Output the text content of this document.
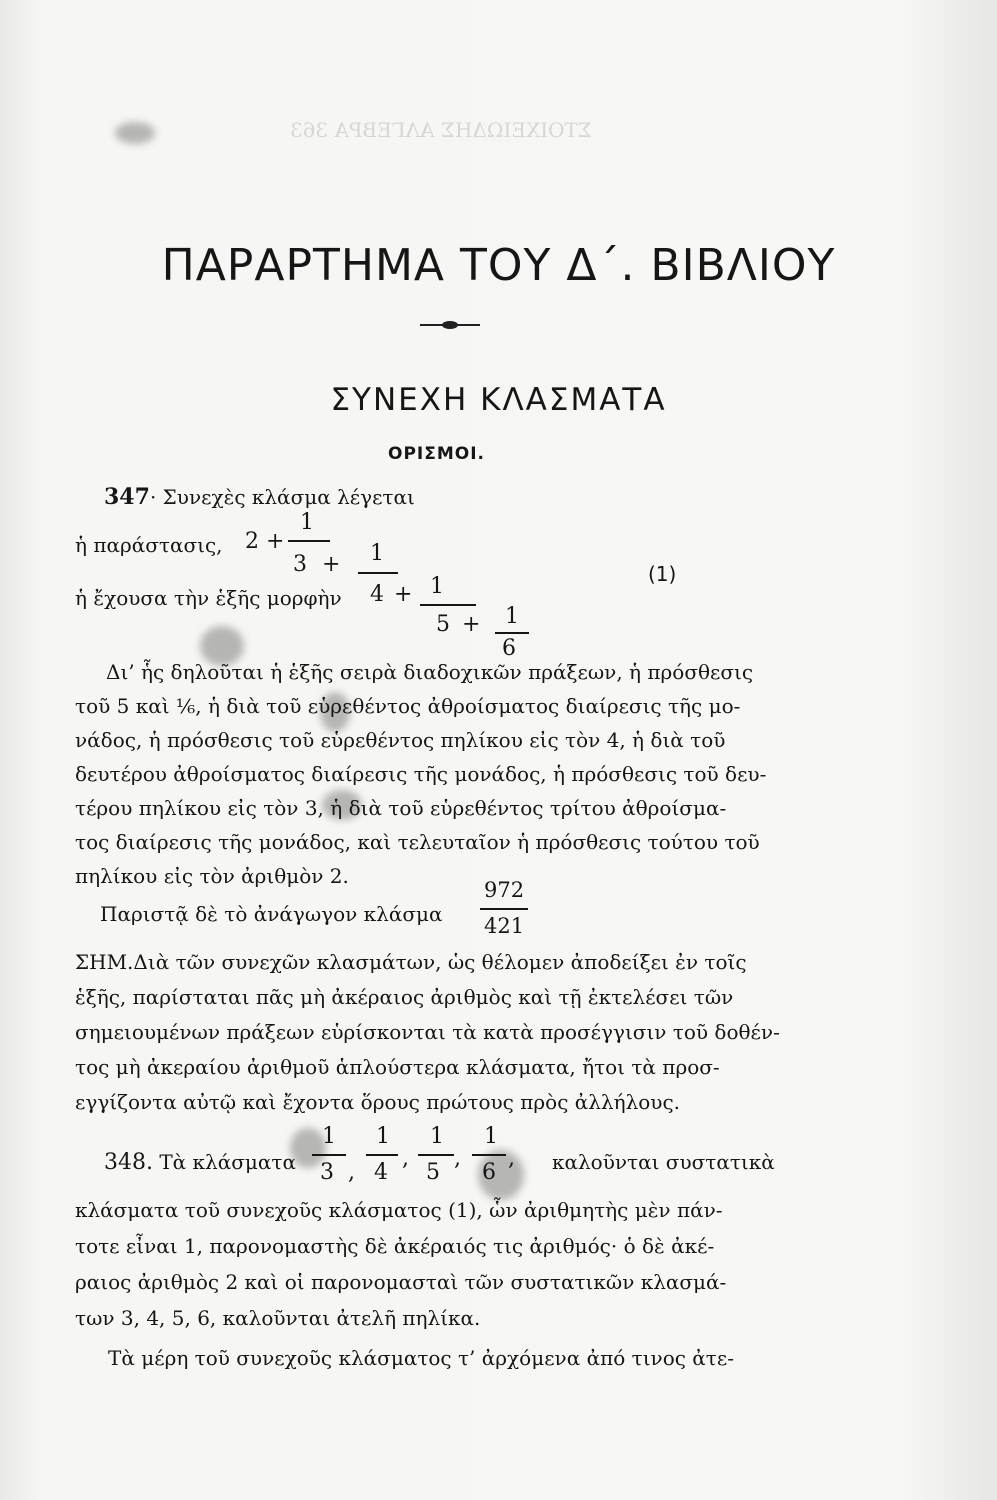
ΣΤΟΙΧΕΙΩΔΗΣ ΑΛΓΕΒΡΑ 363
ΠΑΡΑΡΤΗΜΑ ΤΟΥ Δ΄. ΒΙΒΛΙΟΥ
ΣΥΝΕΧΗ ΚΛΑΣΜΑΤΑ
ΟΡΙΣΜΟΙ.
347· Συνεχὲς κλάσμα λέγεται
ἡ παράστασις, 2 +
1
3 + 1
ἡ ἔχουσα τὴν ἑξῆς μορφὴν 4 + 1
5 + 1
6
(1)
Δι’ ἧς δηλοῦται ἡ ἑξῆς σειρὰ διαδοχικῶν πράξεων, ἡ πρόσθεσις
τοῦ 5 καὶ ⅙, ἡ διὰ τοῦ εὑρεθέντος ἀθροίσματος διαίρεσις τῆς μο-
νάδος, ἡ πρόσθεσις τοῦ εὑρεθέντος πηλίκου εἰς τὸν 4, ἡ διὰ τοῦ
δευτέρου ἀθροίσματος διαίρεσις τῆς μονάδος, ἡ πρόσθεσις τοῦ δευ-
τέρου πηλίκου εἰς τὸν 3, ἡ διὰ τοῦ εὑρεθέντος τρίτου ἀθροίσμα-
τος διαίρεσις τῆς μονάδος, καὶ τελευταῖον ἡ πρόσθεσις τούτου τοῦ
πηλίκου εἰς τὸν ἀριθμὸν 2.
Παριστᾷ δὲ τὸ ἀνάγωγον κλάσμα
972
421
ΣΗΜ.Διὰ τῶν συνεχῶν κλασμάτων, ὡς θέλομεν ἀποδείξει ἐν τοῖς
ἑξῆς, παρίσταται πᾶς μὴ ἀκέραιος ἀριθμὸς καὶ τῇ ἐκτελέσει τῶν
σημειουμένων πράξεων εὑρίσκονται τὰ κατὰ προσέγγισιν τοῦ δοθέν-
τος μὴ ἀκεραίου ἀριθμοῦ ἁπλούστερα κλάσματα, ἤτοι τὰ προσ-
εγγίζοντα αὐτῷ καὶ ἔχοντα ὅρους πρώτους πρὸς ἀλλήλους.
348. Τὰ κλάσματα
1
3 ,
1
4
,
1
5
,
1
6
, καλοῦνται συστατικὰ
κλάσματα τοῦ συνεχοῦς κλάσματος (1), ὧν ἀριθμητὴς μὲν πάν-
τοτε εἶναι 1, παρονομαστὴς δὲ ἀκέραιός τις ἀριθμός· ὁ δὲ ἀκέ-
ραιος ἀριθμὸς 2 καὶ οἱ παρονομασταὶ τῶν συστατικῶν κλασμά-
των 3, 4, 5, 6, καλοῦνται ἀτελῆ πηλίκα.
Τὰ μέρη τοῦ συνεχοῦς κλάσματος τ’ ἀρχόμενα ἀπό τινος ἀτε-
